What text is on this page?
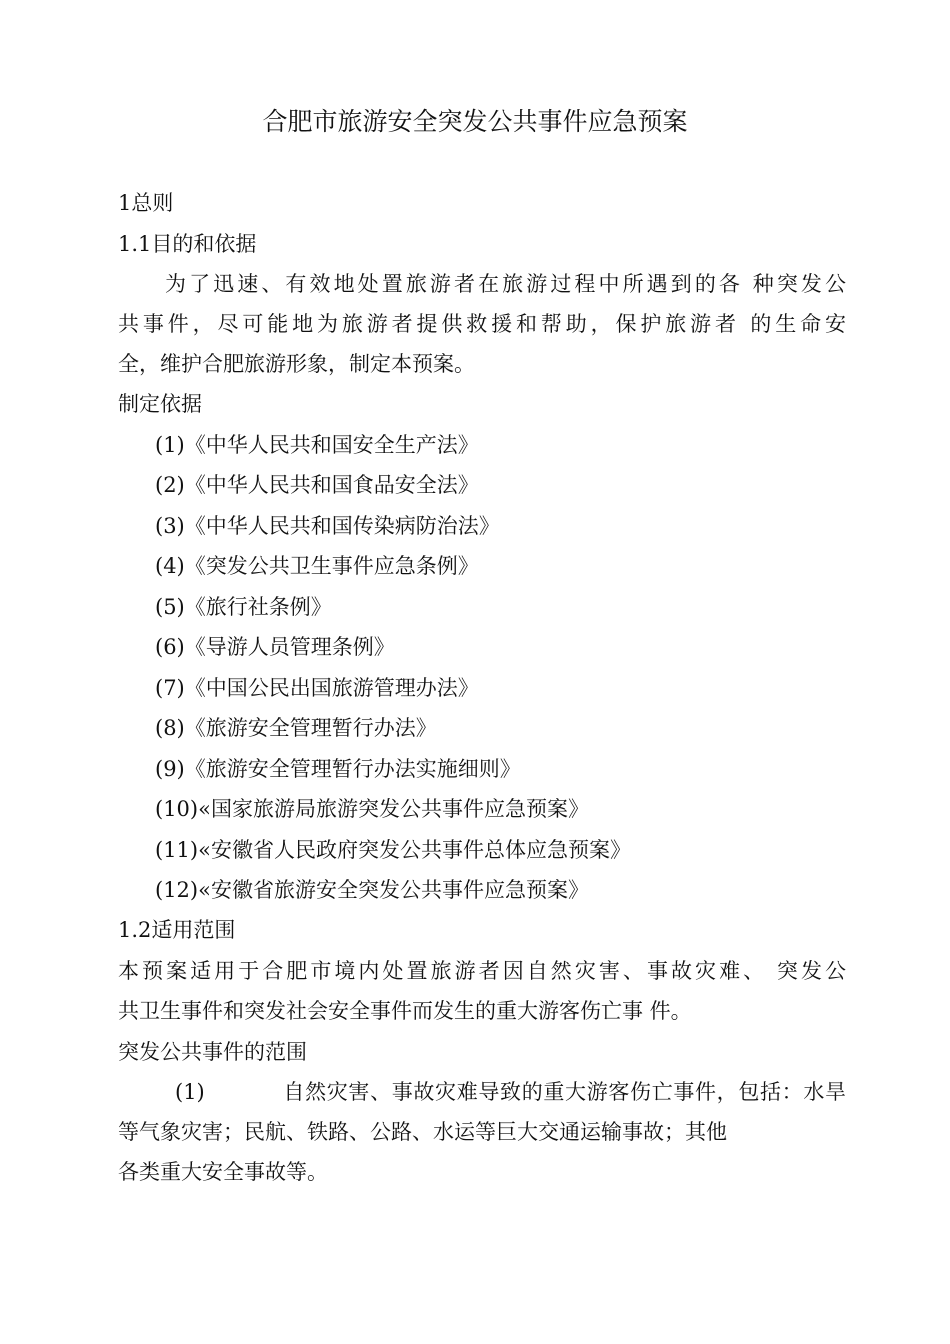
合肥市旅游安全突发公共事件应急预案
1总则
1.1目的和依据
为了迅速、有效地处置旅游者在旅游过程中所遇到的各 种突发公
共事件，尽可能地为旅游者提供救援和帮助，保护旅游者 的生命安
全，维护合肥旅游形象，制定本预案。
制定依据
(1)《中华人民共和国安全生产法》
(2)《中华人民共和国食品安全法》
(3)《中华人民共和国传染病防治法》
(4)《突发公共卫生事件应急条例》
(5)《旅行社条例》
(6)《导游人员管理条例》
(7)《中国公民出国旅游管理办法》
(8)《旅游安全管理暂行办法》
(9)《旅游安全管理暂行办法实施细则》
(10)«国家旅游局旅游突发公共事件应急预案》
(11)«安徽省人民政府突发公共事件总体应急预案》
(12)«安徽省旅游安全突发公共事件应急预案》
1.2适用范围
本预案适用于合肥市境内处置旅游者因自然灾害、事故灾难、 突发公
共卫生事件和突发社会安全事件而发生的重大游客伤亡事 件。
突发公共事件的范围
(1)	自然灾害、事故灾难导致的重大游客伤亡事件，包括：水旱
等气象灾害；民航、铁路、公路、水运等巨大交通运输事故；其他
各类重大安全事故等。
